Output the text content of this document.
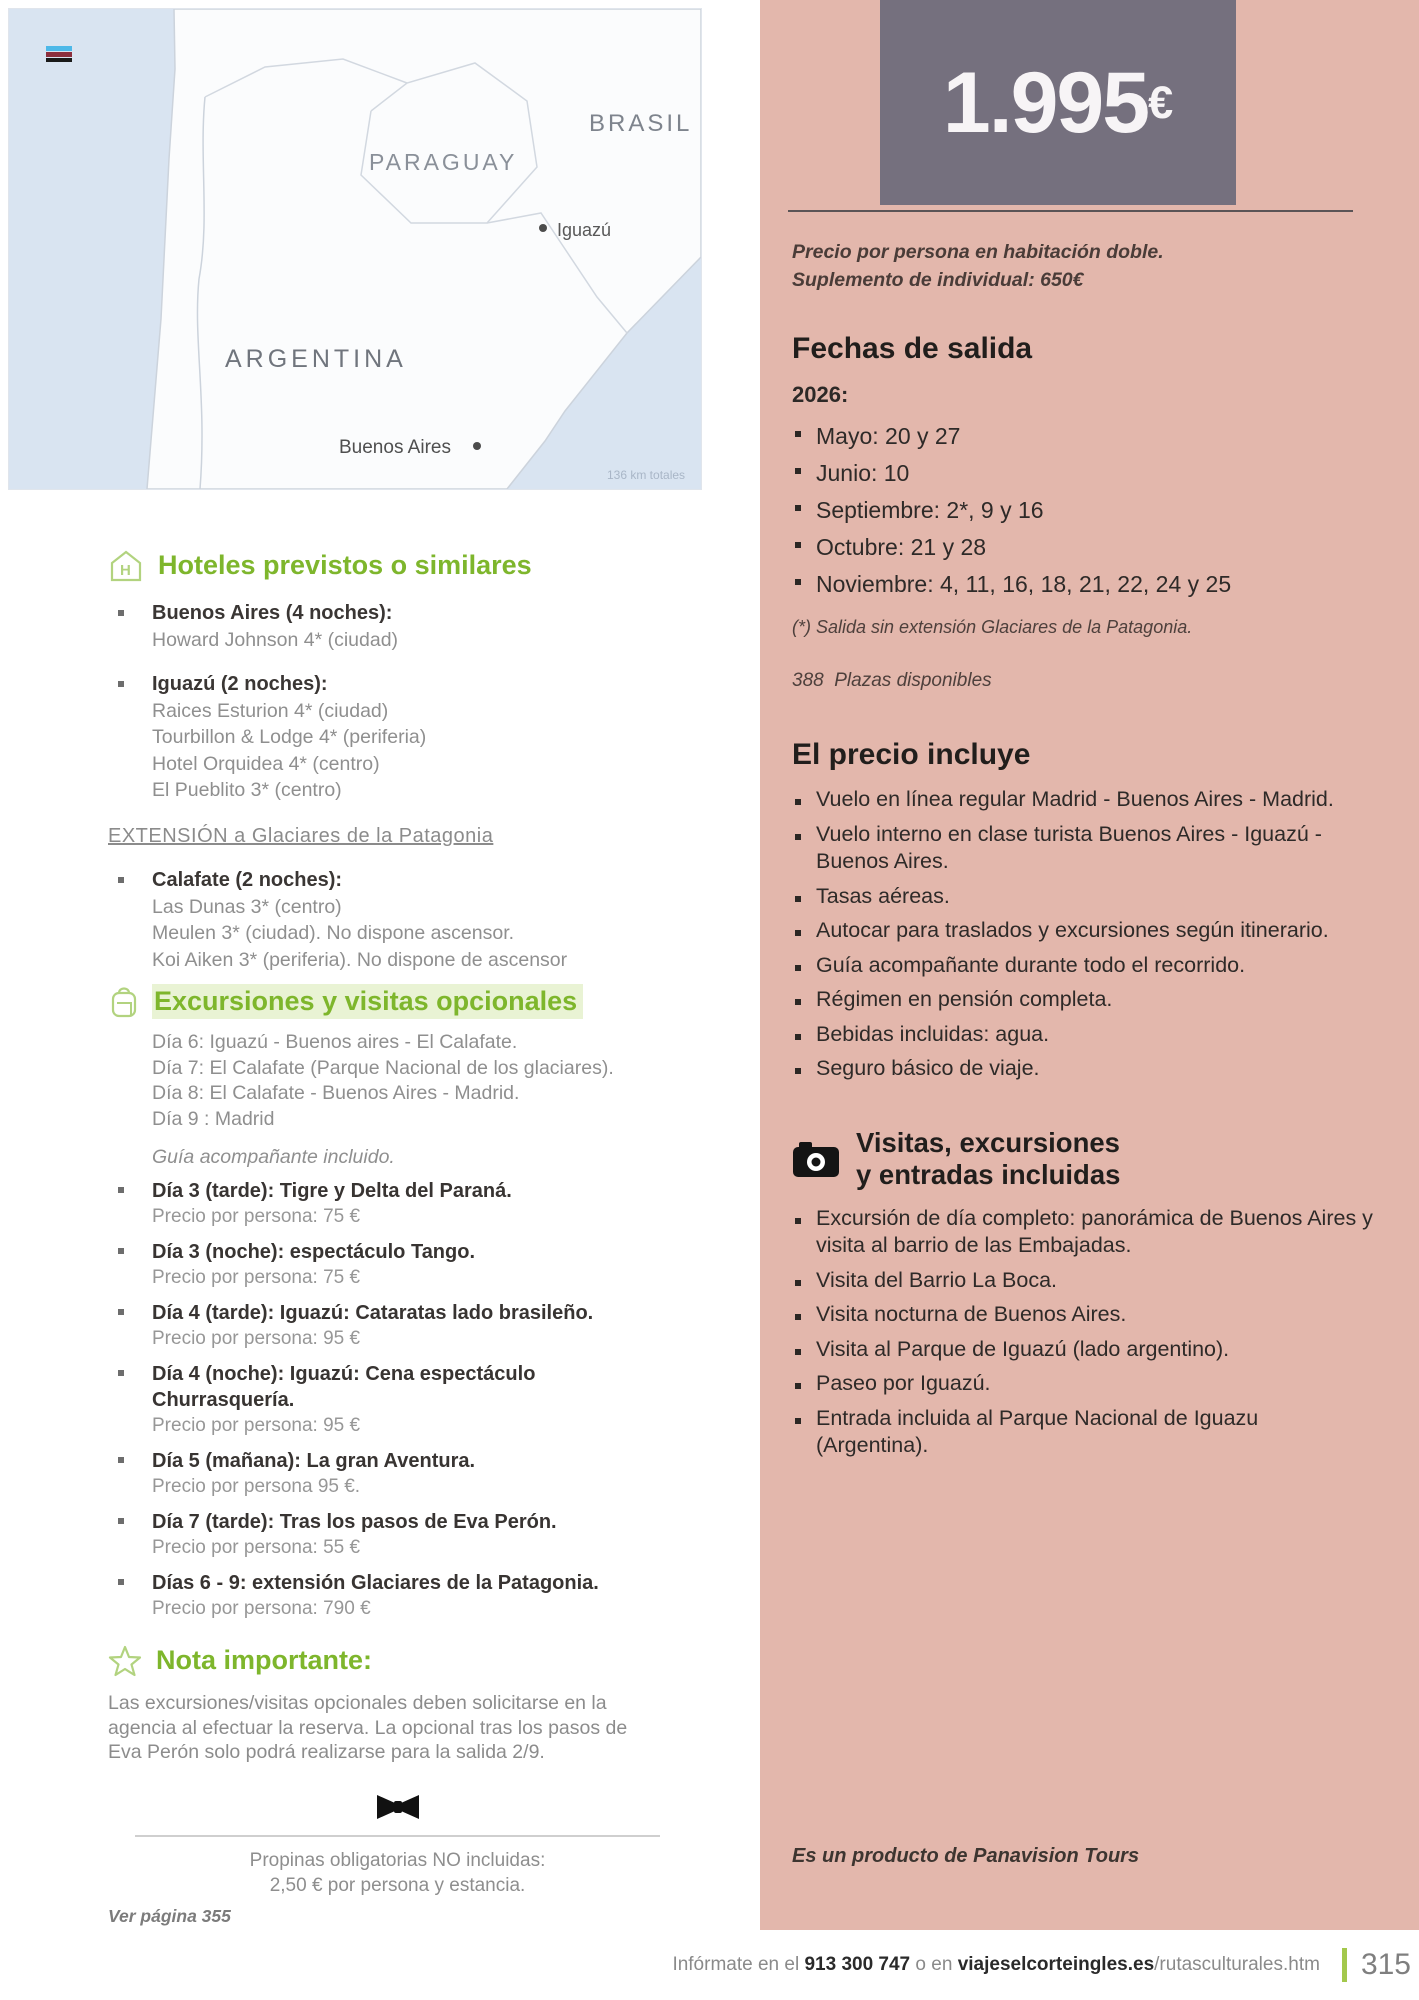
BRASIL
PARAGUAY
ARGENTINA
Iguazú
Buenos Aires
136 km totales
H Hoteles previstos o similares
Buenos Aires (4 noches):
Howard Johnson 4* (ciudad)
Iguazú (2 noches):
Raices Esturion 4* (ciudad)
Tourbillon & Lodge 4* (periferia)
Hotel Orquidea 4* (centro)
El Pueblito 3* (centro)
EXTENSIÓN a Glaciares de la Patagonia
Calafate (2 noches):
Las Dunas 3* (centro)
Meulen 3* (ciudad). No dispone ascensor.
Koi Aiken 3* (periferia). No dispone de ascensor
Excursiones y visitas opcionales
Día 6: Iguazú - Buenos aires - El Calafate.
Día 7: El Calafate (Parque Nacional de los glaciares).
Día 8: El Calafate - Buenos Aires - Madrid.
Día 9 : Madrid
Guía acompañante incluido.
Día 3 (tarde): Tigre y Delta del Paraná.
Precio por persona: 75 €
Día 3 (noche): espectáculo Tango.
Precio por persona: 75 €
Día 4 (tarde): Iguazú: Cataratas lado brasileño.
Precio por persona: 95 €
Día 4 (noche): Iguazú: Cena espectáculo Churrasquería.
Precio por persona: 95 €
Día 5 (mañana): La gran Aventura.
Precio por persona 95 €.
Día 7 (tarde): Tras los pasos de Eva Perón.
Precio por persona: 55 €
Días 6 - 9: extensión Glaciares de la Patagonia.
Precio por persona: 790 €
Nota importante:
Las excursiones/visitas opcionales deben solicitarse en la agencia al efectuar la reserva. La opcional tras los pasos de Eva Perón solo podrá realizarse para la salida 2/9.
Propinas obligatorias NO incluidas:
2,50 € por persona y estancia.
Ver página 355
1.995 €
Precio por persona en habitación doble.
Suplemento de individual: 650€
Fechas de salida
2026:
Mayo: 20 y 27
Junio: 10
Septiembre: 2*, 9 y 16
Octubre: 21 y 28
Noviembre: 4, 11, 16, 18, 21, 22, 24 y 25
(*) Salida sin extensión Glaciares de la Patagonia.
388  Plazas disponibles
El precio incluye
Vuelo en línea regular Madrid - Buenos Aires - Madrid.
Vuelo interno en clase turista Buenos Aires - Iguazú - Buenos Aires.
Tasas aéreas.
Autocar para traslados y excursiones según itinerario.
Guía acompañante durante todo el recorrido.
Régimen en pensión completa.
Bebidas incluidas: agua.
Seguro básico de viaje.
Visitas, excursiones
y entradas incluidas
Excursión de día completo: panorámica de Buenos Aires y visita al barrio de las Embajadas.
Visita del Barrio La Boca.
Visita nocturna de Buenos Aires.
Visita al Parque de Iguazú (lado argentino).
Paseo por Iguazú.
Entrada incluida al Parque Nacional de Iguazu (Argentina).
Es un producto de Panavision Tours
Infórmate en el 913 300 747 o en viajeselcorteingles.es/rutasculturales.htm 315
